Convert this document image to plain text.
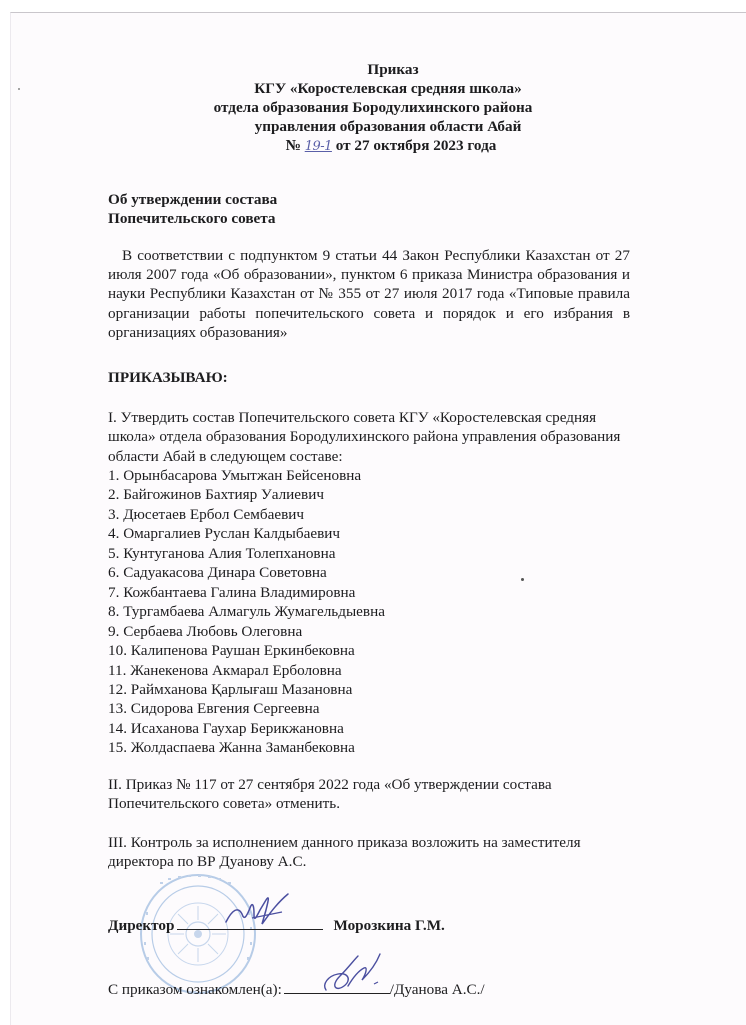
Приказ
КГУ «Коростелевская средняя школа»
отдела образования Бородулихинского района
управления образования области Абай
№ 19-1 от 27 октября 2023 года
Об утверждении состава
Попечительского совета
В соответствии с подпунктом 9 статьи 44 Закон Республики Казахстан от 27 июля 2007 года «Об образовании», пунктом 6 приказа Министра образования и науки Республики Казахстан от № 355 от 27 июля 2017 года «Типовые правила организации работы попечительского совета и порядок и его избрания в организациях образования»
ПРИКАЗЫВАЮ:
I. Утвердить состав Попечительского совета КГУ «Коростелевская средняя
школа» отдела образования Бородулихинского района управления образования
области Абай в следующем составе:
1. Орынбасарова Умытжан Бейсеновна
2. Байгожинов Бахтияр Уалиевич
3. Дюсетаев Ербол Сембаевич
4. Омаргалиев Руслан Калдыбаевич
5. Кунтуганова Алия Толепхановна
6. Садуакасова Динара Советовна
7. Кожбантаева Галина Владимировна
8. Тургамбаева Алмагуль Жумагельдыевна
9. Сербаева Любовь Олеговна
10. Калипенова Раушан Еркинбековна
11. Жанекенова Акмарал Ерболовна
12. Раймханова Қарлығаш Мазановна
13. Сидорова Евгения Сергеевна
14. Исаханова Гаухар Берикжановна
15. Жолдаспаева Жанна Заманбековна
II. Приказ № 117 от 27 сентября 2022 года «Об утверждении состава
Попечительского совета» отменить.
III. Контроль за исполнением данного приказа возложить на заместителя
директора по ВР Дуанову А.С.
Директор	Морозкина Г.М.
С приказом ознакомлен(а):	/Дуанова А.С./
